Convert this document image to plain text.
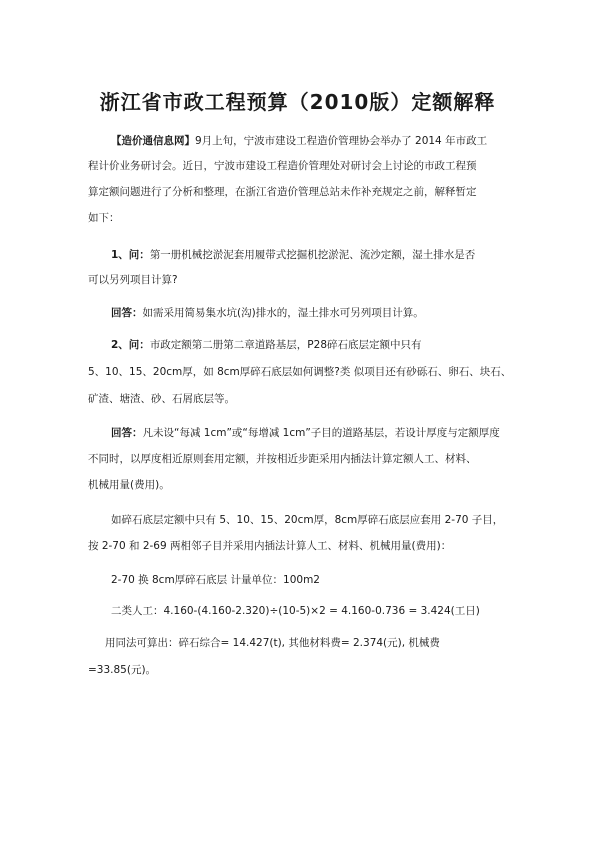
浙江省市政工程预算（2010版）定额解释
【造价通信息网】9月上旬，宁波市建设工程造价管理协会举办了 2014 年市政工
程计价业务研讨会。近日，宁波市建设工程造价管理处对研讨会上讨论的市政工程预
算定额问题进行了分析和整理，在浙江省造价管理总站未作补充规定之前，解释暂定
如下：
1、问：第一册机械挖淤泥套用履带式挖掘机挖淤泥、流沙定额，湿土排水是否
可以另列项目计算?
回答：如需采用简易集水坑(沟)排水的，湿土排水可另列项目计算。
2、问：市政定额第二册第二章道路基层，P28碎石底层定额中只有
5、10、15、20cm厚，如 8cm厚碎石底层如何调整?类 似项目还有砂砾石、卵石、块石、
矿渣、塘渣、砂、石屑底层等。
回答：凡未设“每减 1cm”或“每增减 1cm”子目的道路基层，若设计厚度与定额厚度
不同时，以厚度相近原则套用定额，并按相近步距采用内插法计算定额人工、材料、
机械用量(费用)。
如碎石底层定额中只有 5、10、15、20cm厚，8cm厚碎石底层应套用 2-70 子目，
按 2-70 和 2-69 两相邻子目并采用内插法计算人工、材料、机械用量(费用)：
2-70 换 8cm厚碎石底层 计量单位：100m2
二类人工：4.160-(4.160-2.320)÷(10-5)×2 = 4.160-0.736 = 3.424(工日)
用同法可算出：碎石综合= 14.427(t), 其他材料费= 2.374(元), 机械费
=33.85(元)。
